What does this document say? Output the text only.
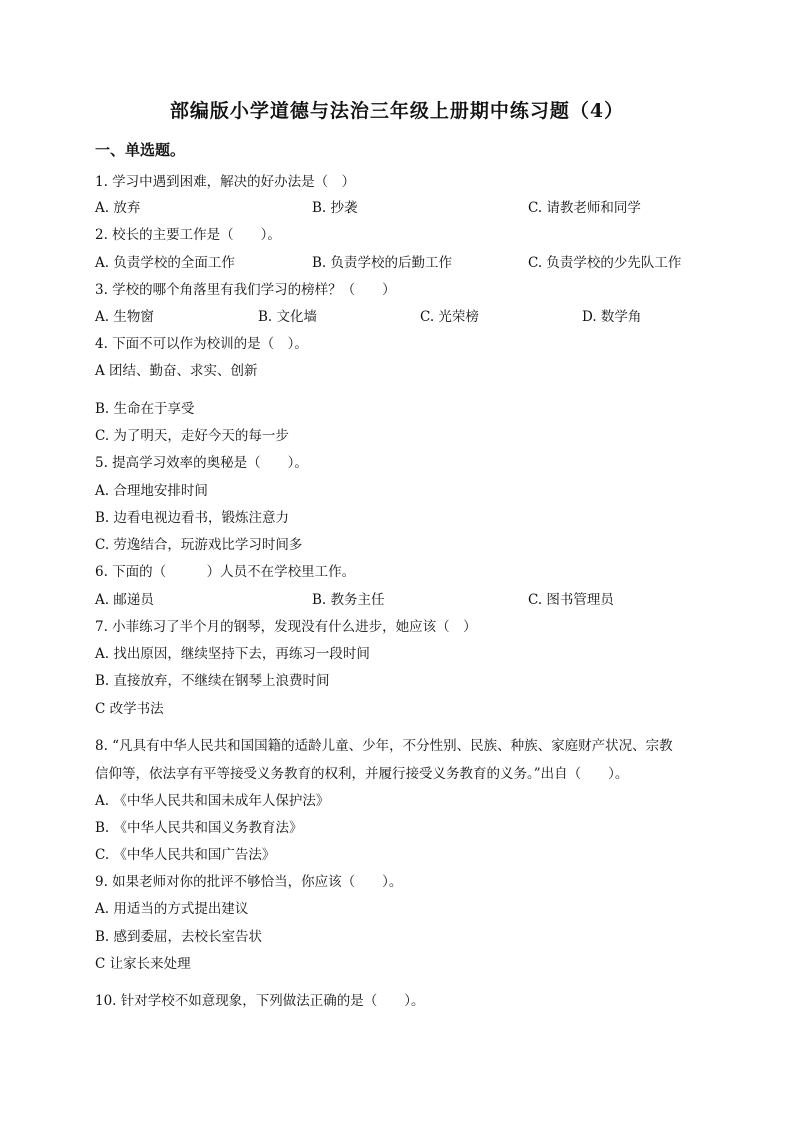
部编版小学道德与法治三年级上册期中练习题（4）
一、单选题。
1. 学习中遇到困难，解决的好办法是（　）
A. 放弃	B. 抄袭	C. 请教老师和同学
2. 校长的主要工作是（　　）。
A. 负责学校的全面工作	B. 负责学校的后勤工作	C. 负责学校的少先队工作
3. 学校的哪个角落里有我们学习的榜样？（　　）
A. 生物窗	B. 文化墙	C. 光荣榜	D. 数学角
4. 下面不可以作为校训的是（　）。
A 团结、勤奋、求实、创新
B. 生命在于享受
C. 为了明天，走好今天的每一步
5. 提高学习效率的奥秘是（　　）。
A. 合理地安排时间
B. 边看电视边看书，锻炼注意力
C. 劳逸结合，玩游戏比学习时间多
6. 下面的（　　　）人员不在学校里工作。
A. 邮递员	B. 教务主任	C. 图书管理员
7. 小菲练习了半个月的钢琴，发现没有什么进步，她应该（　）
A. 找出原因，继续坚持下去，再练习一段时间
B. 直接放弃，不继续在钢琴上浪费时间
C 改学书法
8. “凡具有中华人民共和国国籍的适龄儿童、少年，不分性别、民族、种族、家庭财产状况、宗教
信仰等，依法享有平等接受义务教育的权利，并履行接受义务教育的义务。”出自（　　）。
A. 《中华人民共和国未成年人保护法》
B. 《中华人民共和国义务教育法》
C. 《中华人民共和国广告法》
9. 如果老师对你的批评不够恰当，你应该（　　）。
A. 用适当的方式提出建议
B. 感到委屈，去校长室告状
C 让家长来处理
10. 针对学校不如意现象，下列做法正确的是（　　）。
